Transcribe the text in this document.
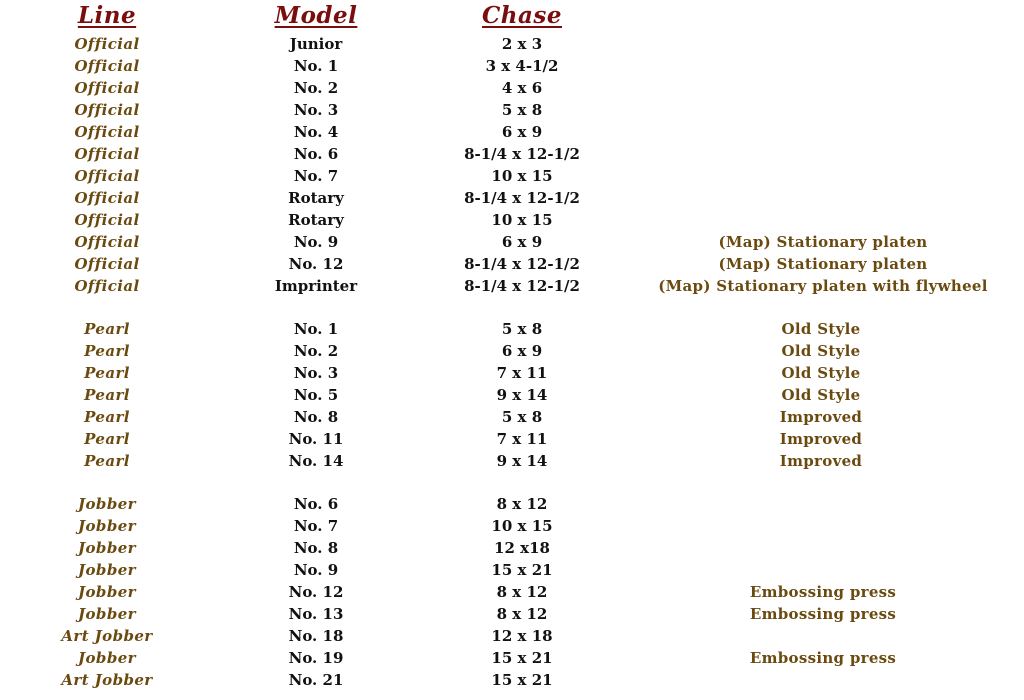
Line	Model	Chase
Official	Junior	2 x 3
Official	No. 1	3 x 4-1/2
Official	No. 2	4 x 6
Official	No. 3	5 x 8
Official	No. 4	6 x 9
Official	No. 6	8-1/4 x 12-1/2
Official	No. 7	10 x 15
Official	Rotary	8-1/4 x 12-1/2
Official	Rotary	10 x 15
Official	No. 9	6 x 9	(Map) Stationary platen
Official	No. 12	8-1/4 x 12-1/2	(Map) Stationary platen
Official	Imprinter	8-1/4 x 12-1/2	(Map) Stationary platen with flywheel
Pearl	No. 1	5 x 8	Old Style
Pearl	No. 2	6 x 9	Old Style
Pearl	No. 3	7 x 11	Old Style
Pearl	No. 5	9 x 14	Old Style
Pearl	No. 8	5 x 8	Improved
Pearl	No. 11	7 x 11	Improved
Pearl	No. 14	9 x 14	Improved
Jobber	No. 6	8 x 12
Jobber	No. 7	10 x 15
Jobber	No. 8	12 x18
Jobber	No. 9	15 x 21
Jobber	No. 12	8 x 12	Embossing press
Jobber	No. 13	8 x 12	Embossing press
Art Jobber	No. 18	12 x 18
Jobber	No. 19	15 x 21	Embossing press
Art Jobber	No. 21	15 x 21
